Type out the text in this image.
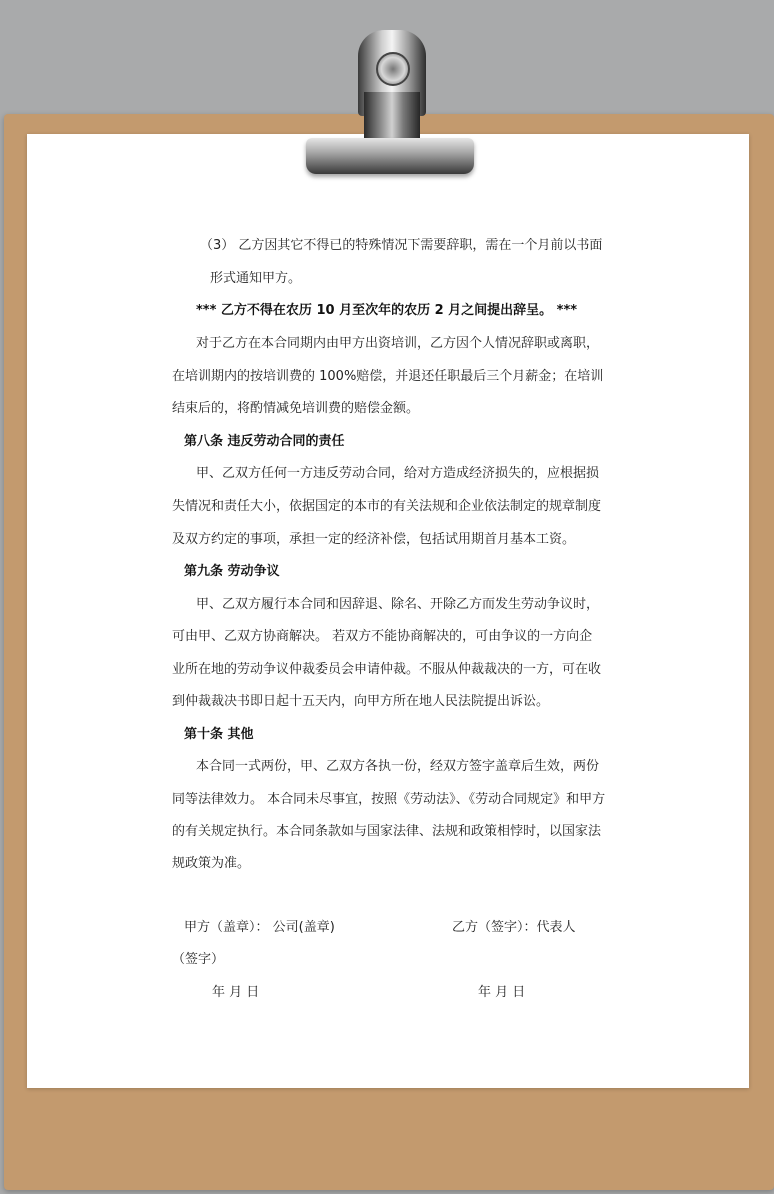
（3） 乙方因其它不得已的特殊情况下需要辞职，需在一个月前以书面
形式通知甲方。
*** 乙方不得在农历 10 月至次年的农历 2 月之间提出辞呈。 ***
对于乙方在本合同期内由甲方出资培训，乙方因个人情况辞职或离职，
在培训期内的按培训费的 100%赔偿，并退还任职最后三个月薪金；在培训
结束后的，将酌情减免培训费的赔偿金额。
第八条 违反劳动合同的责任
甲、乙双方任何一方违反劳动合同，给对方造成经济损失的，应根据损
失情况和责任大小，依据国定的本市的有关法规和企业依法制定的规章制度
及双方约定的事项，承担一定的经济补偿，包括试用期首月基本工资。
第九条 劳动争议
甲、乙双方履行本合同和因辞退、除名、开除乙方而发生劳动争议时，
可由甲、乙双方协商解决。 若双方不能协商解决的，可由争议的一方向企
业所在地的劳动争议仲裁委员会申请仲裁。不服从仲裁裁决的一方，可在收
到仲裁裁决书即日起十五天内，向甲方所在地人民法院提出诉讼。
第十条 其他
本合同一式两份，甲、乙双方各执一份，经双方签字盖章后生效，两份
同等法律效力。 本合同未尽事宜，按照《劳动法》、《劳动合同规定》和甲方
的有关规定执行。本合同条款如与国家法律、法规和政策相悖时，以国家法
规政策为准。
甲方（盖章）： 公司(盖章)	乙方（签字）：代表人
（签字）
年 月 日	年 月 日
